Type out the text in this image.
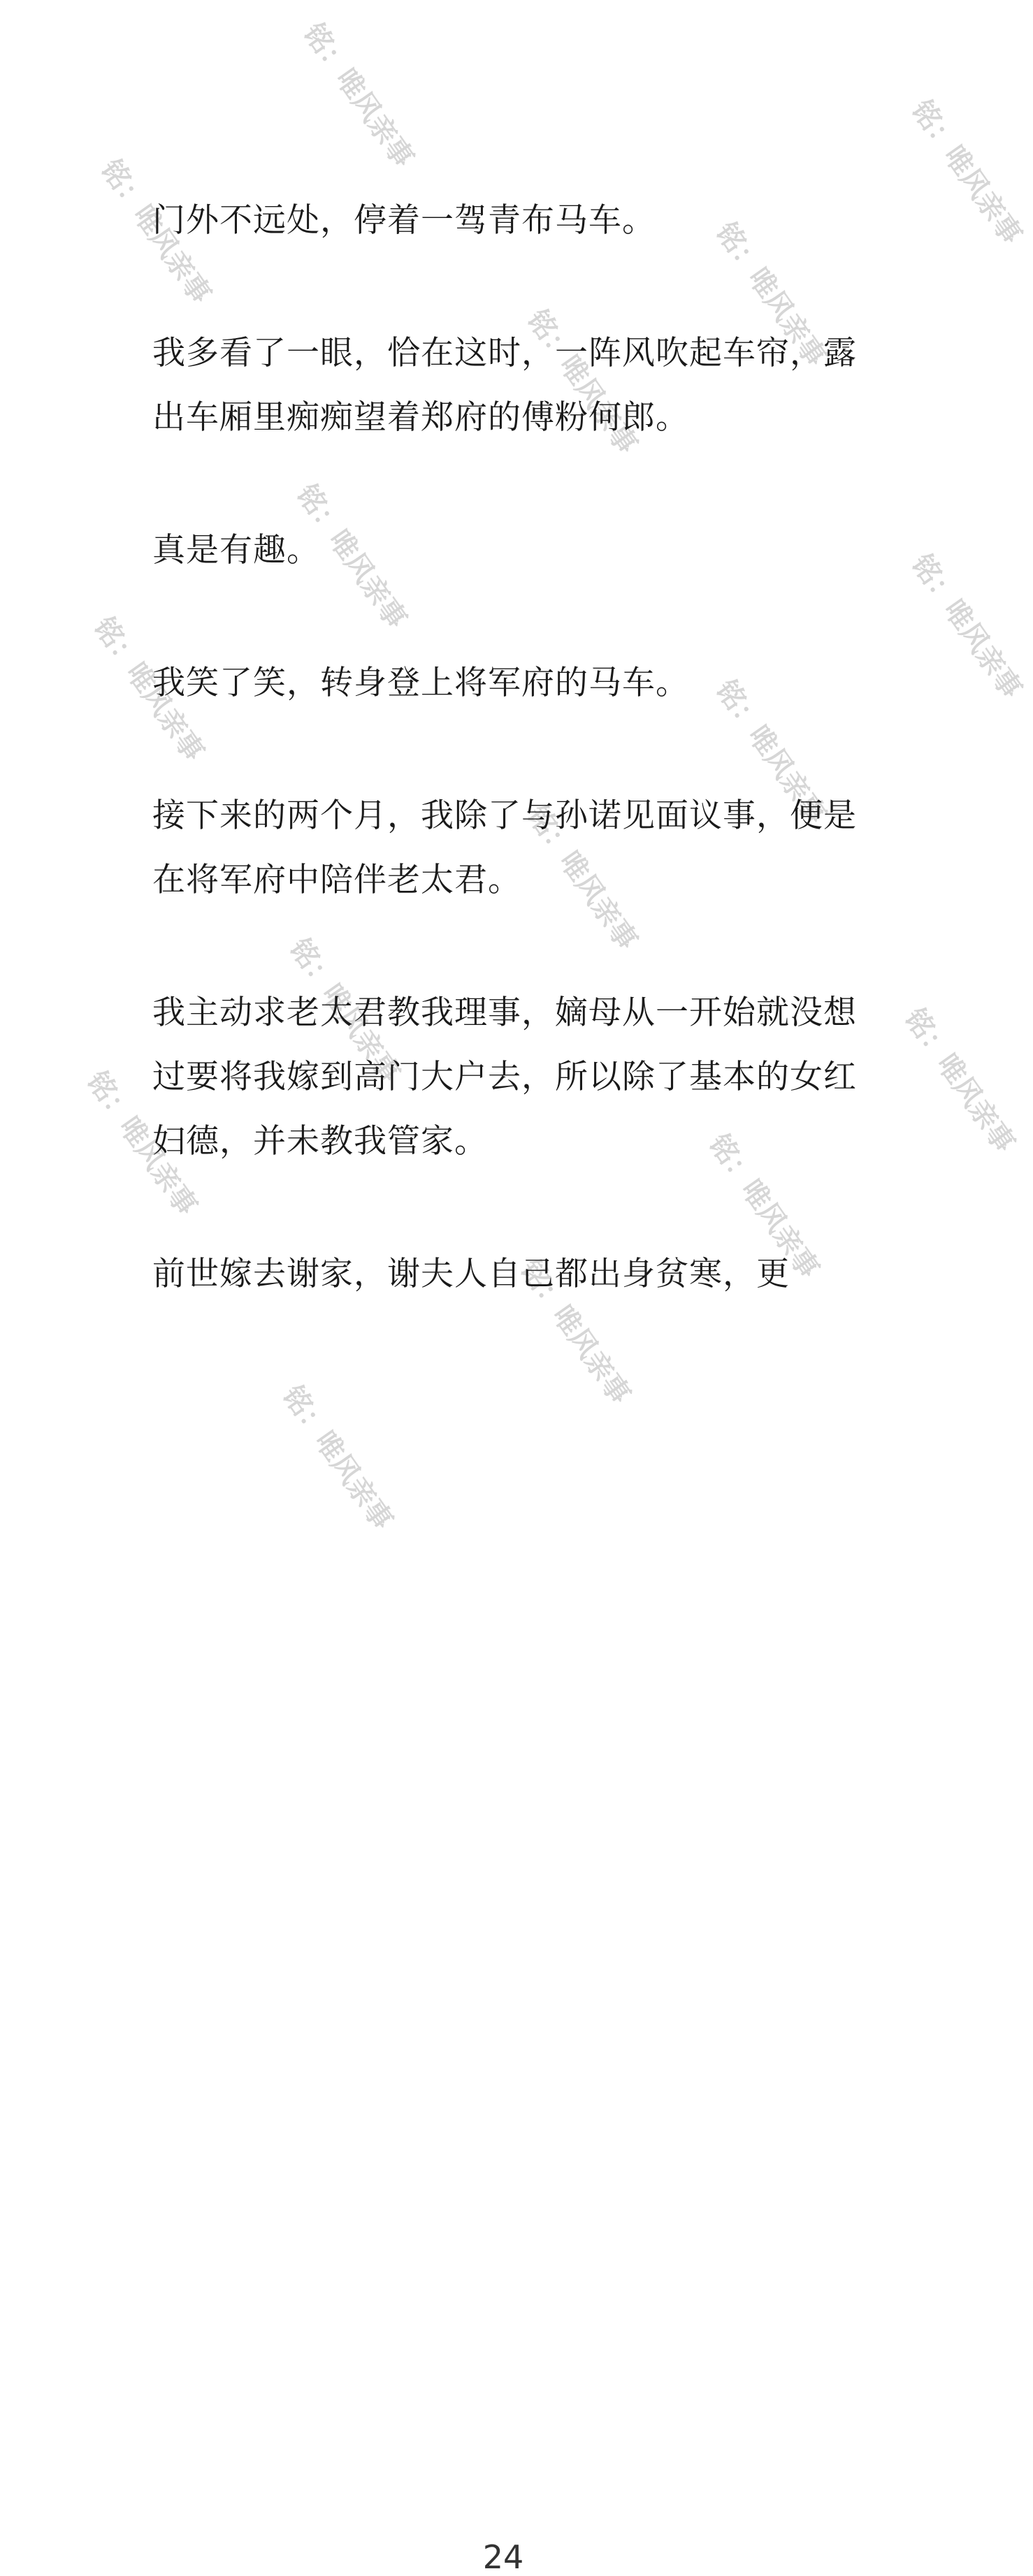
铭：唯风亲事	铭：唯风亲事
铭：唯风亲事	铭：唯风亲事
铭：唯风亲事
铭：唯风亲事	铭：唯风亲事
铭：唯风亲事	铭：唯风亲事
铭：唯风亲事
铭：唯风亲事	铭：唯风亲事
铭：唯风亲事	铭：唯风亲事
铭：唯风亲事
铭：唯风亲事

门外不远处，停着一驾青布马车。

我多看了一眼，恰在这时，一阵风吹起车帘，露出车厢里痴痴望着郑府的傅粉何郎。

真是有趣。

我笑了笑，转身登上将军府的马车。

接下来的两个月，我除了与孙诺见面议事，便是在将军府中陪伴老太君。

我主动求老太君教我理事，嫡母从一开始就没想过要将我嫁到高门大户去，所以除了基本的女红妇德，并未教我管家。

前世嫁去谢家，谢夫人自己都出身贫寒，更

24
